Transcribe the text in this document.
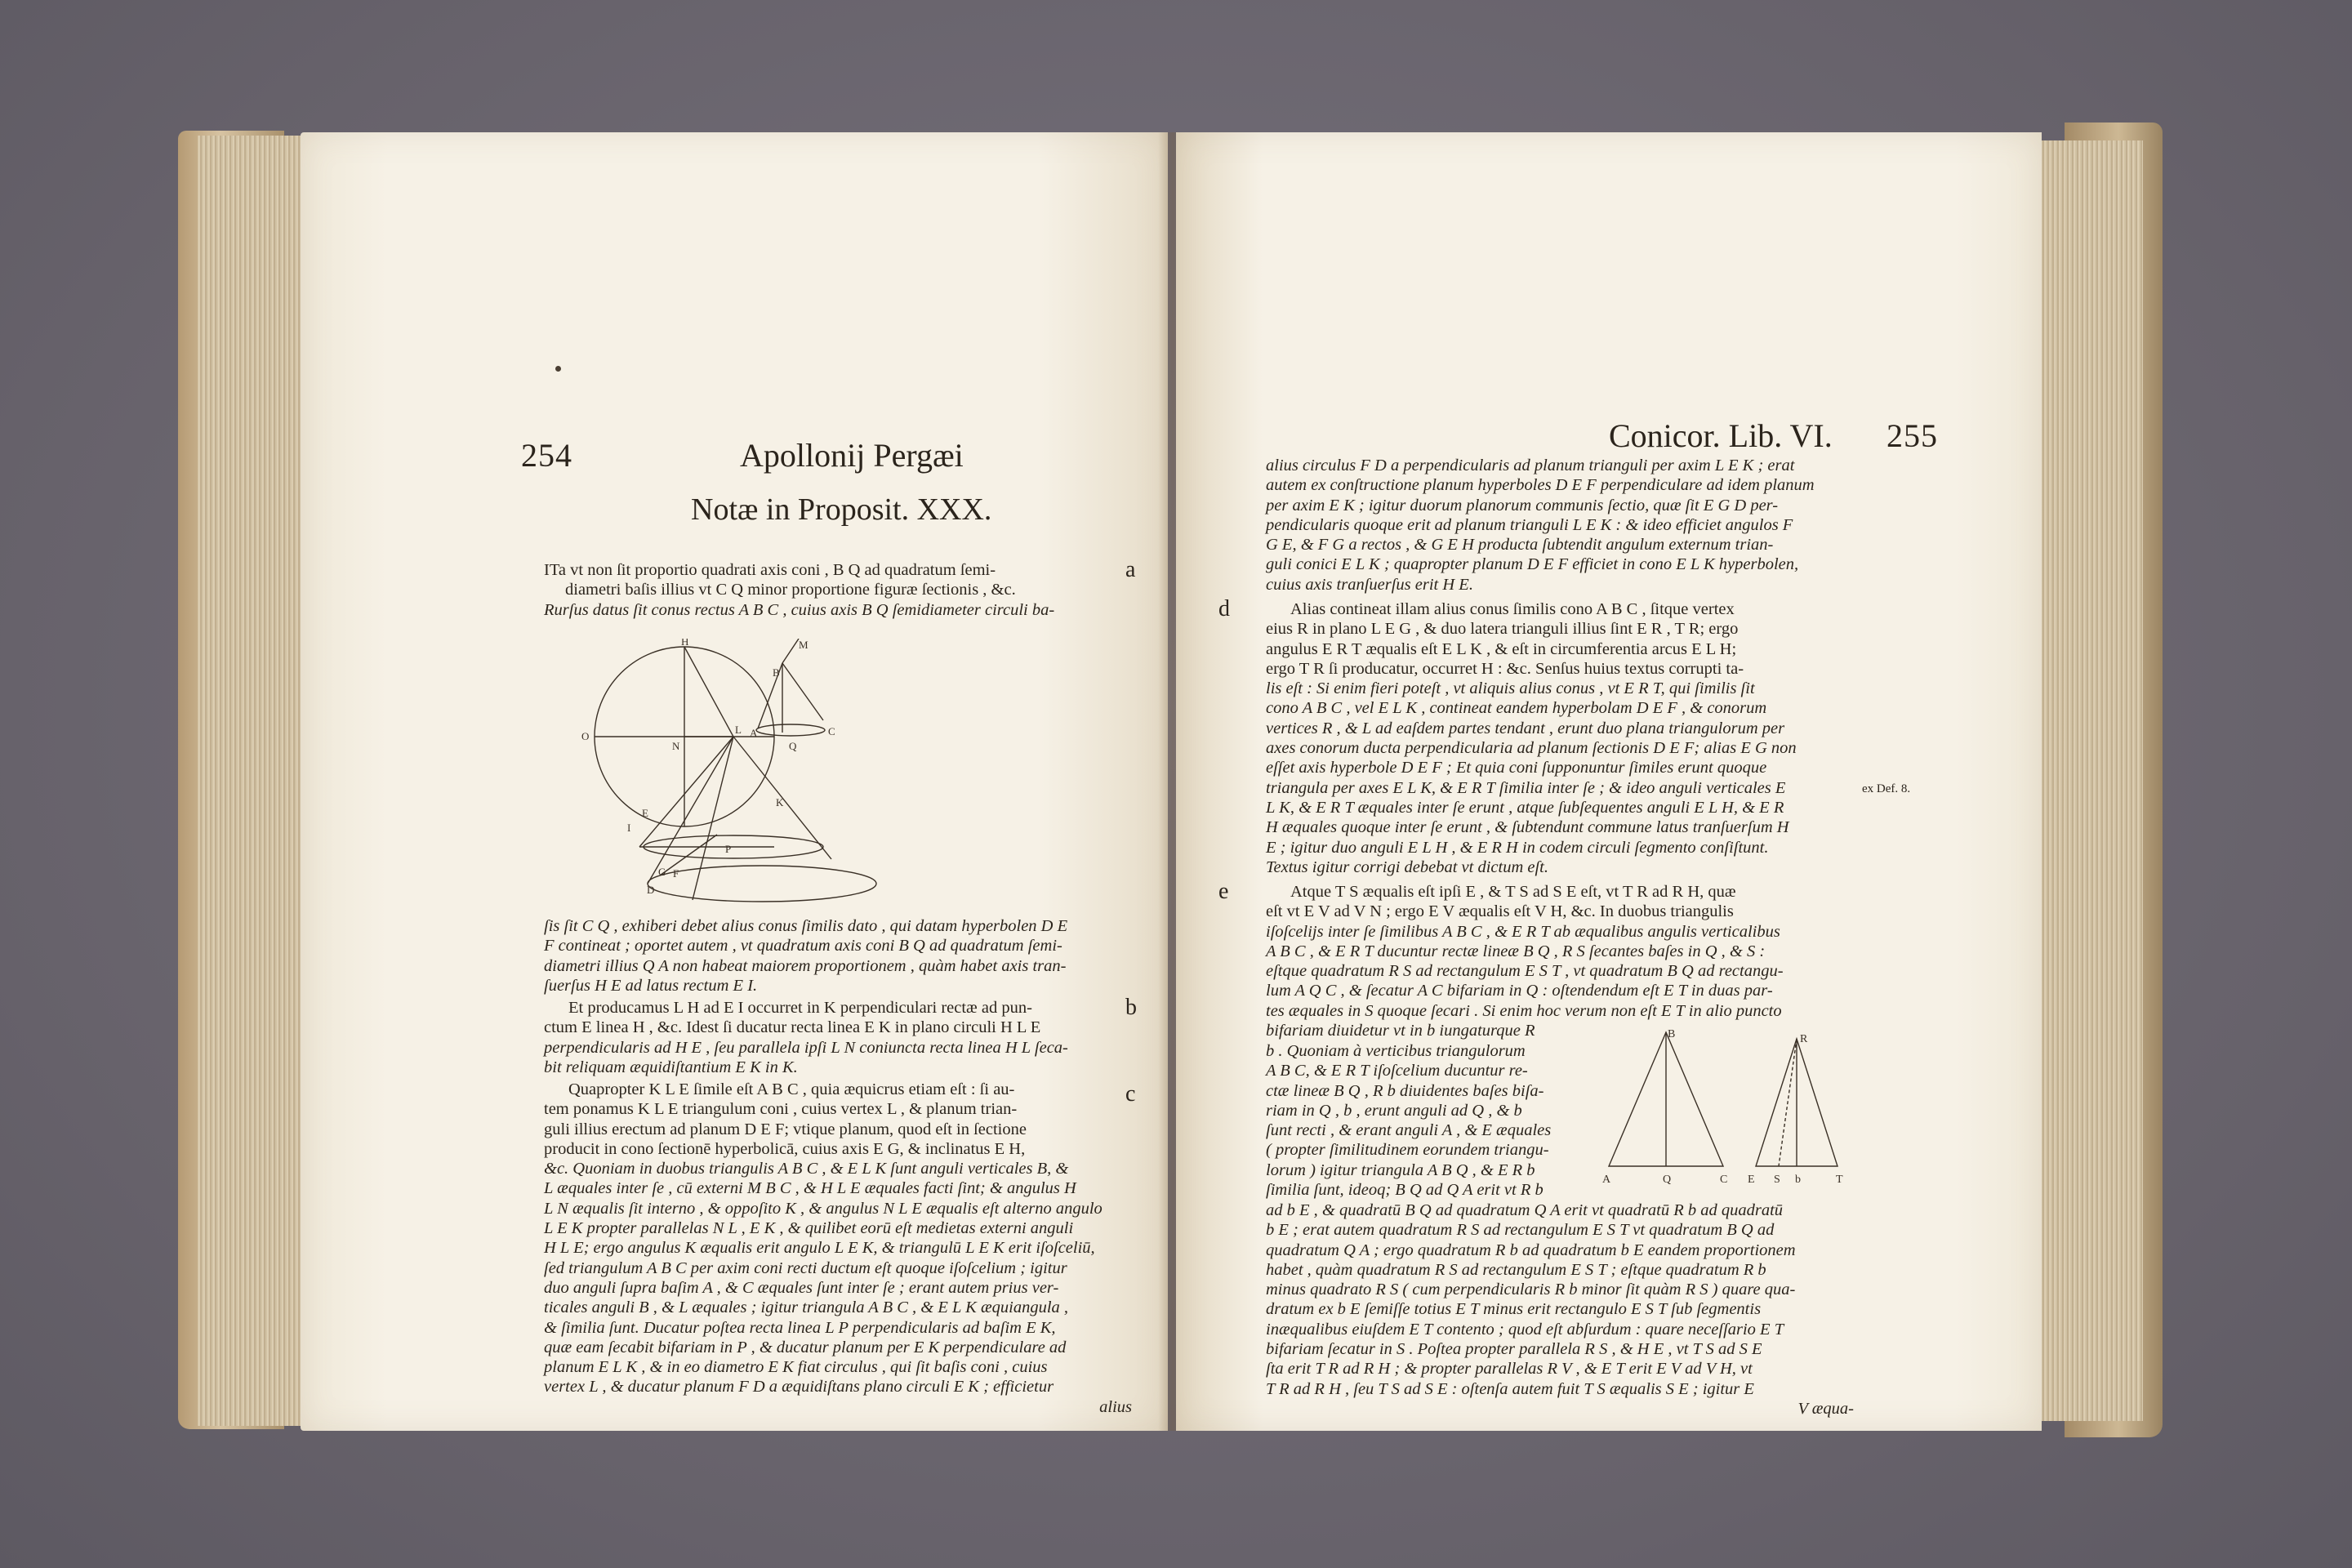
254	Apollonij Pergæi
Notæ in Proposit. XXX.

ITa vt non ſit proportio quadrati axis coni , B Q ad quadratum ſemi-

diametri baſis illius vt C Q minor proportione figuræ ſectionis , &c.

Rurſus datus ſit conus rectus A B C , cuius axis B Q ſemidiameter circuli ba-

a
H
O
N
L
I
E
G
D
F
P
K
B
M
A
Q
C

ſis ſit C Q , exhiberi debet alius conus ſimilis dato , qui datam hyperbolen D E

F contineat ; oportet autem , vt quadratum axis coni B Q ad quadratum ſemi-

diametri illius Q A non habeat maiorem proportionem , quàm habet axis tran-

ſuerſus H E ad latus rectum E I.

Et producamus L H ad E I occurret in K perpendiculari rectæ ad pun-

ctum E linea H , &c. Idest ſi ducatur recta linea E K in plano circuli H L E

perpendicularis ad H E , ſeu parallela ipſi L N coniuncta recta linea H L ſeca-

bit reliquam æquidiſtantium E K in K.

b

Quapropter K L E ſimile eſt A B C , quia æquicrus etiam eſt : ſi au-

tem ponamus K L E triangulum coni , cuius vertex L , & planum trian-

guli illius erectum ad planum D E F; vtique planum, quod eſt in ſectione

producit in cono ſectionē hyperbolicā, cuius axis E G, & inclinatus E H,

&c. Quoniam in duobus triangulis A B C , & E L K ſunt anguli verticales B, &

L æquales inter ſe , cū externi M B C , & H L E æquales facti ſint; & angulus H

L N æqualis ſit interno , & oppoſito K , & angulus N L E æqualis eſt alterno angulo

L E K propter parallelas N L , E K , & quilibet eorū eſt medietas externi anguli

H L E; ergo angulus K æqualis erit angulo L E K, & triangulū L E K erit iſoſceliū,

ſed triangulum A B C per axim coni recti ductum eſt quoque iſoſcelium ; igitur

duo anguli ſupra baſim A , & C æquales ſunt inter ſe ; erant autem prius ver-

ticales anguli B , & L æquales ; igitur triangula A B C , & E L K æquiangula ,

& ſimilia ſunt. Ducatur poſtea recta linea L P perpendicularis ad baſim E K,

quæ eam ſecabit bifariam in P , & ducatur planum per E K perpendiculare ad

planum E L K , & in eo diametro E K fiat circulus , qui ſit baſis coni , cuius

vertex L , & ducatur planum F D a æquidiſtans plano circuli E K ; efficietur

alius

c
Conicor. Lib. VI. 255

alius circulus F D a perpendicularis ad planum trianguli per axim L E K ; erat

autem ex conſtructione planum hyperboles D E F perpendiculare ad idem planum

per axim E K ; igitur duorum planorum communis ſectio, quæ ſit E G D per-

pendicularis quoque erit ad planum trianguli L E K : & ideo efficiet angulos F

G E, & F G a rectos , & G E H producta ſubtendit angulum externum trian-

guli conici E L K ; quapropter planum D E F efficiet in cono E L K hyperbolen,

cuius axis tranſuerſus erit H E.

d	Alias contineat illam alius conus ſimilis cono A B C , ſitque vertex

eius R in plano L E G , & duo latera trianguli illius ſint E R , T R; ergo

angulus E R T æqualis eſt E L K , & eſt in circumferentia arcus E L H;

ergo T R ſi producatur, occurret H : &c. Senſus huius textus corrupti ta-

lis eſt : Si enim fieri poteſt , vt aliquis alius conus , vt E R T, qui ſimilis ſit

cono A B C , vel E L K , contineat eandem hyperbolam D E F , & conorum

vertices R , & L ad eaſdem partes tendant , erunt duo plana triangulorum per

axes conorum ducta perpendicularia ad planum ſectionis D E F; alias E G non

eſſet axis hyperbole D E F ; Et quia coni ſupponuntur ſimiles erunt quoque

triangula per axes E L K, & E R T ſimilia inter ſe ; & ideo anguli verticales E

L K, & E R T æquales inter ſe erunt , atque ſubſequentes anguli E L H, & E R

H æquales quoque inter ſe erunt , & ſubtendunt commune latus tranſuerſum H

E ; igitur duo anguli E L H , & E R H in codem circuli ſegmento conſiſtunt.

Textus igitur corrigi debebat vt dictum eſt.

ex Def. 8.
e	Atque T S æqualis eſt ipſi E , & T S ad S E eſt, vt T R ad R H, quæ

eſt vt E V ad V N ; ergo E V æqualis eſt V H, &c. In duobus triangulis

iſoſcelijs inter ſe ſimilibus A B C , & E R T ab æqualibus angulis verticalibus

A B C , & E R T ducuntur rectæ lineæ B Q , R S ſecantes baſes in Q , & S :

eſtque quadratum R S ad rectangulum E S T , vt quadratum B Q ad rectangu-

lum A Q C , & ſecatur A C bifariam in Q : oſtendendum eſt E T in duas par-

tes æquales in S quoque ſecari . Si enim hoc verum non eſt E T in alio puncto

bifariam diuidetur vt in b iungaturque R

b . Quoniam à verticibus triangulorum

A B C, & E R T iſoſcelium ducuntur re-

ctæ lineæ B Q , R b diuidentes baſes biſa-

riam in Q , b , erunt anguli ad Q , & b

ſunt recti , & erant anguli A , & E æquales

( propter ſimilitudinem eorundem triangu-

lorum ) igitur triangula A B Q , & E R b

ſimilia ſunt, ideoq; B Q ad Q A erit vt R b

B
A	Q	C
R
E S b	T

ad b E , & quadratū B Q ad quadratum Q A erit vt quadratū R b ad quadratū

b E ; erat autem quadratum R S ad rectangulum E S T vt quadratum B Q ad

quadratum Q A ; ergo quadratum R b ad quadratum b E eandem proportionem

habet , quàm quadratum R S ad rectangulum E S T ; eſtque quadratum R b

minus quadrato R S ( cum perpendicularis R b minor ſit quàm R S ) quare qua-

dratum ex b E ſemiſſe totius E T minus erit rectangulo E S T ſub ſegmentis

inæqualibus eiuſdem E T contento ; quod eſt abſurdum : quare neceſſario E T

bifariam ſecatur in S . Poſtea propter parallela R S , & H E , vt T S ad S E

ſta erit T R ad R H ; & propter parallelas R V , & E T erit E V ad V H, vt

T R ad R H , ſeu T S ad S E : oſtenſa autem fuit T S æqualis S E ; igitur E

V æqua-
